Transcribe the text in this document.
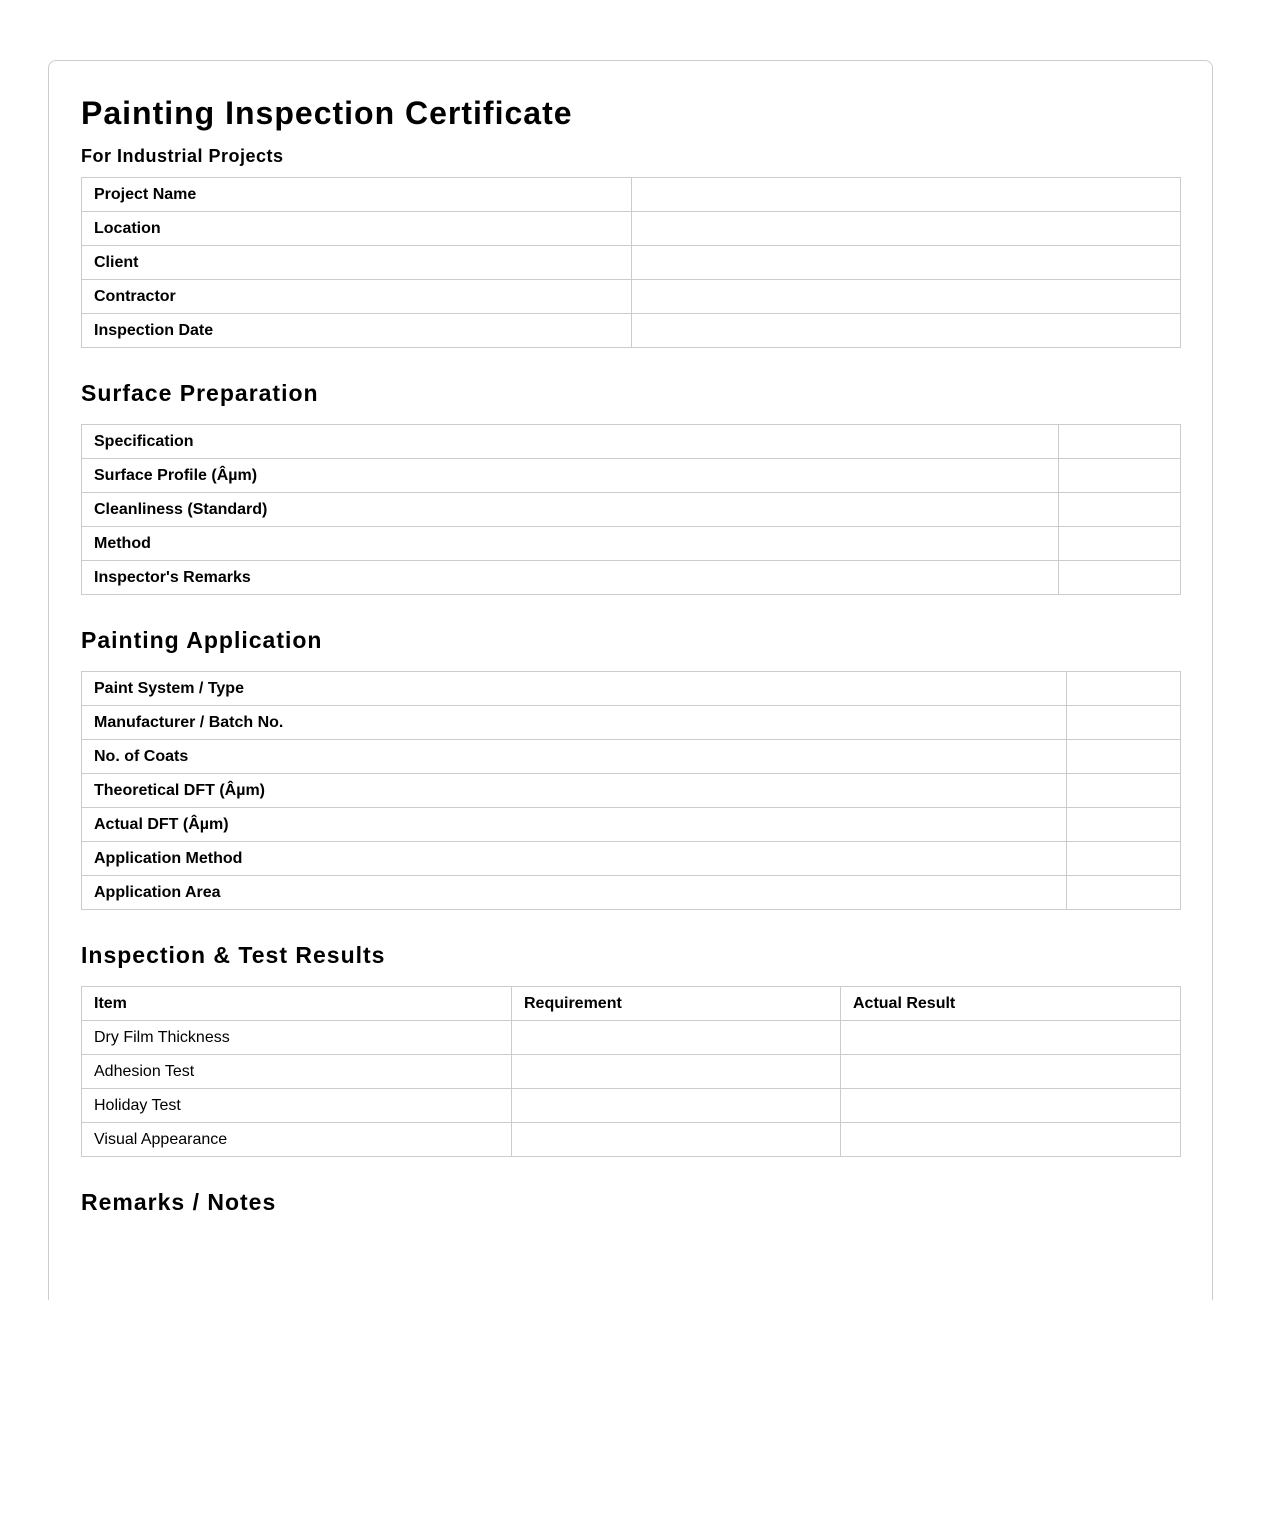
Painting Inspection Certificate
For Industrial Projects
Project Name	
Location	
Client	
Contractor	
Inspection Date	
Surface Preparation
Specification	
Surface Profile (Âµm)	
Cleanliness (Standard)	
Method	
Inspector's Remarks	
Painting Application
Paint System / Type	
Manufacturer / Batch No.	
No. of Coats	
Theoretical DFT (Âµm)	
Actual DFT (Âµm)	
Application Method	
Application Area	
Inspection & Test Results
Item	Requirement	Actual Result
Dry Film Thickness		
Adhesion Test		
Holiday Test		
Visual Appearance		
Remarks / Notes
